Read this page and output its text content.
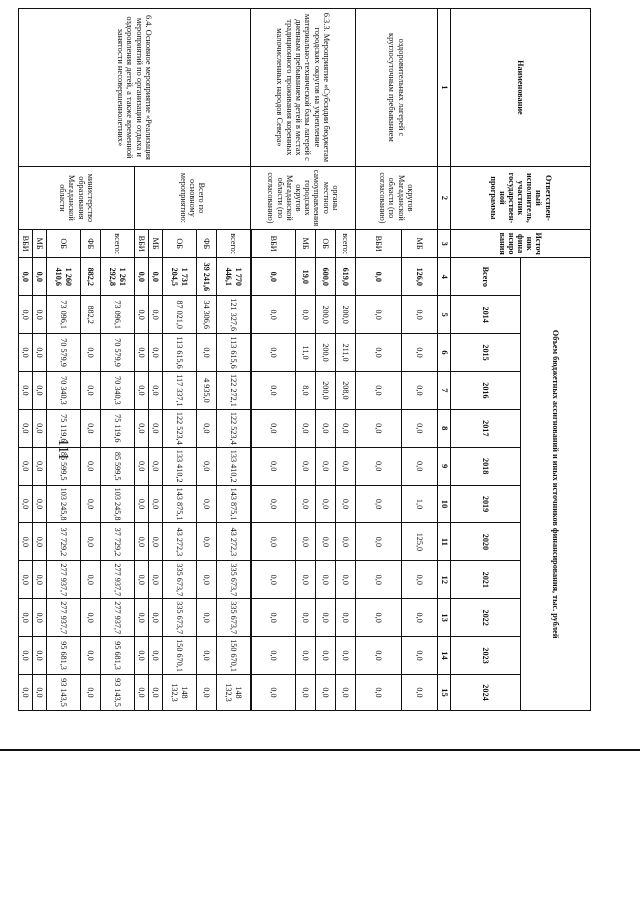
111
Наименование	Ответствен-ный исполнитель, участник государствен-ной программы	Источник финансирования	Объем бюджетных ассигнований и иных источников финансирования, тыс. рублей											
			Всего	2014	2015	2016	2017	2018	2019	2020	2021	2022	2023	2024
1	2	3	4	5	6	7	8	9	10	11	12	13	14	15
оздоровительных лагерей с круглосуточным пребыванием	округов Магаданской области (по согласованию)	МБ	126,0	0,0	0,0	0,0	0,0	0,0	1,0	125,0	0,0	0,0	0,0	0,0
		ВБИ	0,0	0,0	0,0	0,0	0,0	0,0	0,0	0,0	0,0	0,0	0,0	0,0
6.3.3. Мероприятие «Субсидии бюджетам городских округов на укрепление материально-технической базы лагерей с дневным пребыванием детей в местах традиционного проживания коренных малочисленных народов Севера»	органы местного самоуправления городских округов Магаданской области (по согласованию)	всего:	619,0	200,0	211,0	208,0	0,0	0,0	0,0	0,0	0,0	0,0	0,0	0,0
		ОБ	600,0	200,0	200,0	200,0	0,0	0,0	0,0	0,0	0,0	0,0	0,0	0,0
		МБ	19,0	0,0	11,0	8,0	0,0	0,0	0,0	0,0	0,0	0,0	0,0	0,0
		ВБИ	0,0	0,0	0,0	0,0	0,0	0,0	0,0	0,0	0,0	0,0	0,0	0,0

6.4. Основное мероприятие «Реализация мероприятий по организации отдыха и оздоровления детей, а также временной занятости несовершеннолетних»	Всего по основному мероприятию:	всего:	1 770 446,1	121 327,6	113 615,6	122 272,1	122 523,4	133 410,2	143 875,1	43 272,3	335 673,7	335 673,7	150 670,1	148 132,3
		ФБ	39 241,6	34 306,6	0,0	4 935,0	0,0	0,0	0,0	0,0	0,0	0,0	0,0	0,0
		ОБ	1 731 204,5	87 021,0	113 615,6	117 337,1	122 523,4	133 410,2	143 875,1	43 272,3	335 673,7	335 673,7	150 670,1	148 132,3
		МБ	0,0	0,0	0,0	0,0	0,0	0,0	0,0	0,0	0,0	0,0	0,0	0,0
		ВБИ	0,0	0,0	0,0	0,0	0,0	0,0	0,0	0,0	0,0	0,0	0,0	0,0
	министерство образования Магаданской области	всего:	1 261 292,8	73 096,1	70 579,9	70 340,3	75 119,6	85 599,5	103 245,8	37 729,2	277 937,7	277 937,7	95 681,3	93 143,5
		ФБ	882,2	882,2	0,0	0,0	0,0	0,0	0,0	0,0	0,0	0,0	0,0	0,0
		ОБ	1 260 410,6	73 096,1	70 579,9	70 340,3	75 119,6	85 599,5	103 245,8	37 729,2	277 937,7	277 937,7	95 681,3	93 143,5
		МБ	0,0	0,0	0,0	0,0	0,0	0,0	0,0	0,0	0,0	0,0	0,0	0,0
		ВБИ	0,0	0,0	0,0	0,0	0,0	0,0	0,0	0,0	0,0	0,0	0,0	0,0
